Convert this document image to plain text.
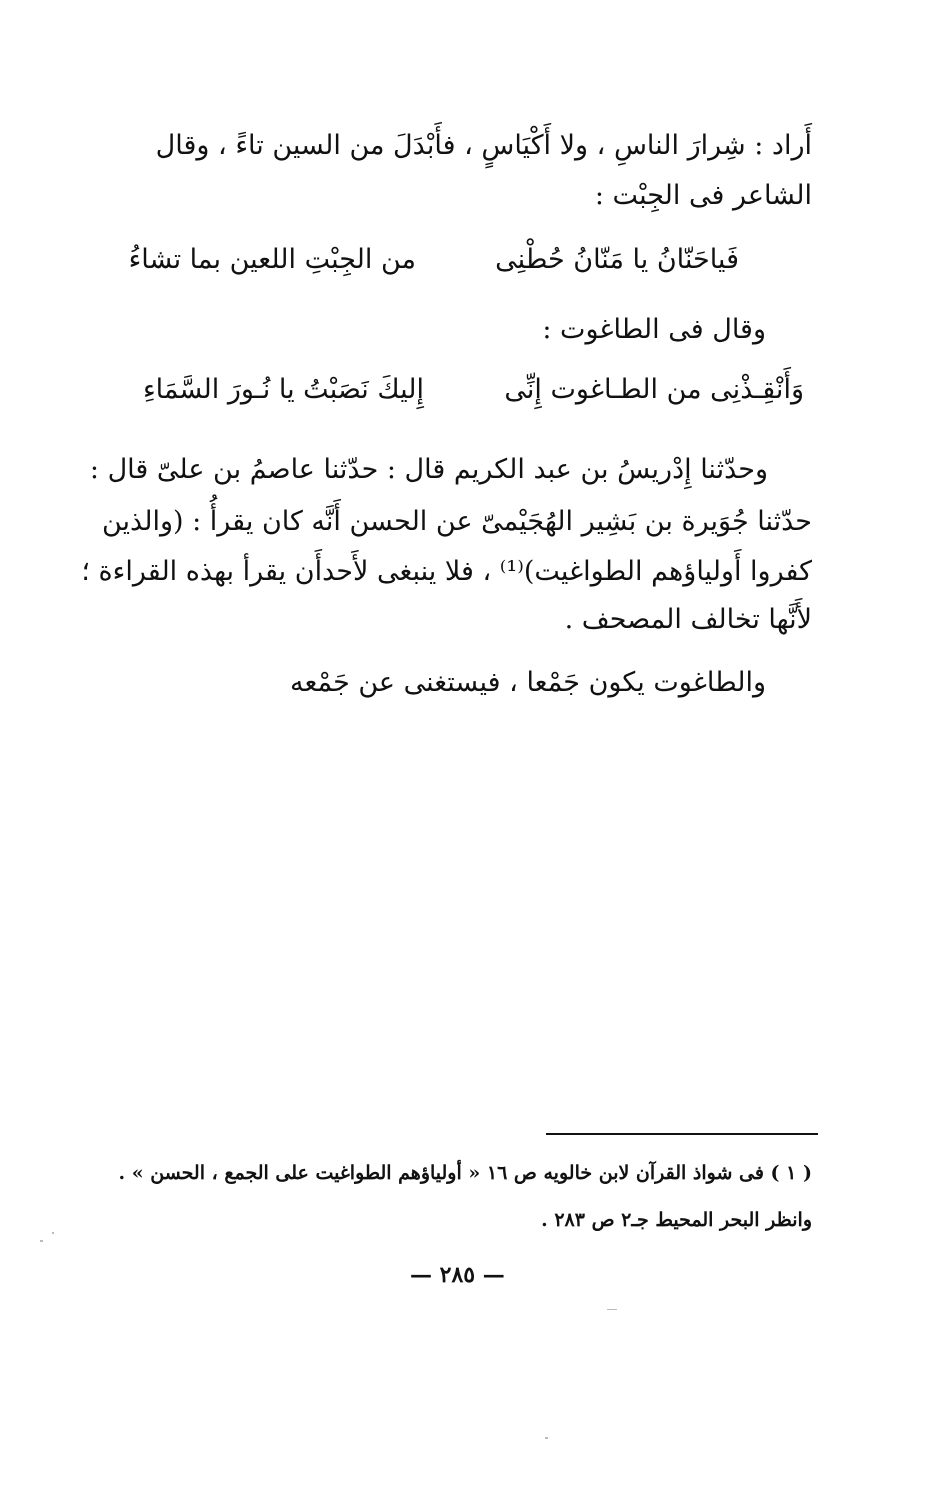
أَراد : شِرارَ الناسِ ، ولا أَكْيَاسٍ ، فأَبْدَلَ من السين تاءً ، وقال
الشاعر فى الجِبْت :
فَياحَنّانُ يا مَنّانُ حُطْنِى
من الجِبْتِ اللعين بما تشاءُ
وقال فى الطاغوت :
وَأَنْقِـذْنِى من الطـاغوت إِنِّى
إِليكَ نَصَبْتُ يا نُـورَ السَّمَاءِ
وحدّثنا إِدْريسُ بن عبد الكريم قال : حدّثنا عاصمُ بن علىّ قال :
حدّثنا جُوَيرة بن بَشِير الهُجَيْمىّ عن الحسن أَنَّه كان يقرأُ : (والذين
كفروا أَولياؤهم الطواغيت)⁽¹⁾ ، فلا ينبغى لأَحدأَن يقرأ بهذه القراءة ؛
لأَنَّها تخالف المصحف .
والطاغوت يكون جَمْعا ، فيستغنى عن جَمْعه
( ١ ) فى شواذ القرآن لابن خالويه ص ١٦ « أولياؤهم الطواغيت على الجمع ، الحسن » .
وانظر البحر المحيط جـ٢ ص ٢٨٣ .
— ٢٨٥ —
